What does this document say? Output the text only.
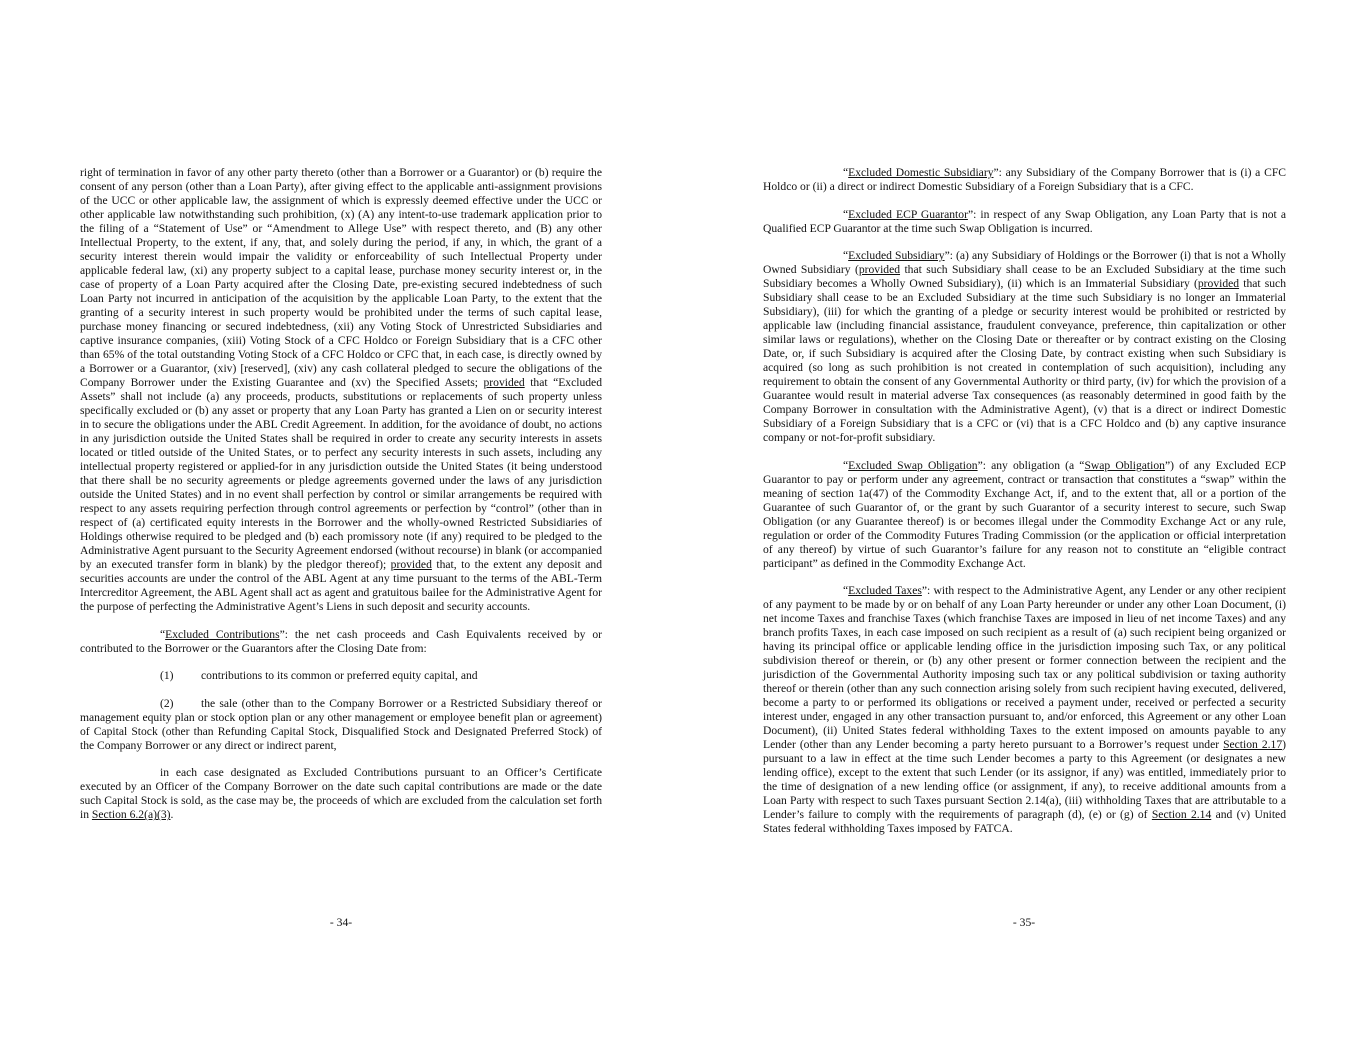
right of termination in favor of any other party thereto (other than a Borrower or a Guarantor) or (b) require the consent of any person (other than a Loan Party), after giving effect to the applicable anti-assignment provisions of the UCC or other applicable law, the assignment of which is expressly deemed effective under the UCC or other applicable law notwithstanding such prohibition, (x) (A) any intent-to-use trademark application prior to the filing of a “Statement of Use” or “Amendment to Allege Use” with respect thereto, and (B) any other Intellectual Property, to the extent, if any, that, and solely during the period, if any, in which, the grant of a security interest therein would impair the validity or enforceability of such Intellectual Property under applicable federal law, (xi) any property subject to a capital lease, purchase money security interest or, in the case of property of a Loan Party acquired after the Closing Date, pre-existing secured indebtedness of such Loan Party not incurred in anticipation of the acquisition by the applicable Loan Party, to the extent that the granting of a security interest in such property would be prohibited under the terms of such capital lease, purchase money financing or secured indebtedness, (xii) any Voting Stock of Unrestricted Subsidiaries and captive insurance companies, (xiii) Voting Stock of a CFC Holdco or Foreign Subsidiary that is a CFC other than 65% of the total outstanding Voting Stock of a CFC Holdco or CFC that, in each case, is directly owned by a Borrower or a Guarantor, (xiv) [reserved], (xiv) any cash collateral pledged to secure the obligations of the Company Borrower under the Existing Guarantee and (xv) the Specified Assets; provided that “Excluded Assets” shall not include (a) any proceeds, products, substitutions or replacements of such property unless specifically excluded or (b) any asset or property that any Loan Party has granted a Lien on or security interest in to secure the obligations under the ABL Credit Agreement. In addition, for the avoidance of doubt, no actions in any jurisdiction outside the United States shall be required in order to create any security interests in assets located or titled outside of the United States, or to perfect any security interests in such assets, including any intellectual property registered or applied-for in any jurisdiction outside the United States (it being understood that there shall be no security agreements or pledge agreements governed under the laws of any jurisdiction outside the United States) and in no event shall perfection by control or similar arrangements be required with respect to any assets requiring perfection through control agreements or perfection by “control” (other than in respect of (a) certificated equity interests in the Borrower and the wholly-owned Restricted Subsidiaries of Holdings otherwise required to be pledged and (b) each promissory note (if any) required to be pledged to the Administrative Agent pursuant to the Security Agreement endorsed (without recourse) in blank (or accompanied by an executed transfer form in blank) by the pledgor thereof); provided that, to the extent any deposit and securities accounts are under the control of the ABL Agent at any time pursuant to the terms of the ABL-Term Intercreditor Agreement, the ABL Agent shall act as agent and gratuitous bailee for the Administrative Agent for the purpose of perfecting the Administrative Agent’s Liens in such deposit and security accounts.

“Excluded Contributions”: the net cash proceeds and Cash Equivalents received by or contributed to the Borrower or the Guarantors after the Closing Date from:

(1) contributions to its common or preferred equity capital, and

(2) the sale (other than to the Company Borrower or a Restricted Subsidiary thereof or management equity plan or stock option plan or any other management or employee benefit plan or agreement) of Capital Stock (other than Refunding Capital Stock, Disqualified Stock and Designated Preferred Stock) of the Company Borrower or any direct or indirect parent,

in each case designated as Excluded Contributions pursuant to an Officer’s Certificate executed by an Officer of the Company Borrower on the date such capital contributions are made or the date such Capital Stock is sold, as the case may be, the proceeds of which are excluded from the calculation set forth in Section 6.2(a)(3).

- 34-

“Excluded Domestic Subsidiary”: any Subsidiary of the Company Borrower that is (i) a CFC Holdco or (ii) a direct or indirect Domestic Subsidiary of a Foreign Subsidiary that is a CFC.

“Excluded ECP Guarantor”: in respect of any Swap Obligation, any Loan Party that is not a Qualified ECP Guarantor at the time such Swap Obligation is incurred.

“Excluded Subsidiary”: (a) any Subsidiary of Holdings or the Borrower (i) that is not a Wholly Owned Subsidiary (provided that such Subsidiary shall cease to be an Excluded Subsidiary at the time such Subsidiary becomes a Wholly Owned Subsidiary), (ii) which is an Immaterial Subsidiary (provided that such Subsidiary shall cease to be an Excluded Subsidiary at the time such Subsidiary is no longer an Immaterial Subsidiary), (iii) for which the granting of a pledge or security interest would be prohibited or restricted by applicable law (including financial assistance, fraudulent conveyance, preference, thin capitalization or other similar laws or regulations), whether on the Closing Date or thereafter or by contract existing on the Closing Date, or, if such Subsidiary is acquired after the Closing Date, by contract existing when such Subsidiary is acquired (so long as such prohibition is not created in contemplation of such acquisition), including any requirement to obtain the consent of any Governmental Authority or third party, (iv) for which the provision of a Guarantee would result in material adverse Tax consequences (as reasonably determined in good faith by the Company Borrower in consultation with the Administrative Agent), (v) that is a direct or indirect Domestic Subsidiary of a Foreign Subsidiary that is a CFC or (vi) that is a CFC Holdco and (b) any captive insurance company or not-for-profit subsidiary.

“Excluded Swap Obligation”: any obligation (a “Swap Obligation”) of any Excluded ECP Guarantor to pay or perform under any agreement, contract or transaction that constitutes a “swap” within the meaning of section 1a(47) of the Commodity Exchange Act, if, and to the extent that, all or a portion of the Guarantee of such Guarantor of, or the grant by such Guarantor of a security interest to secure, such Swap Obligation (or any Guarantee thereof) is or becomes illegal under the Commodity Exchange Act or any rule, regulation or order of the Commodity Futures Trading Commission (or the application or official interpretation of any thereof) by virtue of such Guarantor’s failure for any reason not to constitute an “eligible contract participant” as defined in the Commodity Exchange Act.

“Excluded Taxes”: with respect to the Administrative Agent, any Lender or any other recipient of any payment to be made by or on behalf of any Loan Party hereunder or under any other Loan Document, (i) net income Taxes and franchise Taxes (which franchise Taxes are imposed in lieu of net income Taxes) and any branch profits Taxes, in each case imposed on such recipient as a result of (a) such recipient being organized or having its principal office or applicable lending office in the jurisdiction imposing such Tax, or any political subdivision thereof or therein, or (b) any other present or former connection between the recipient and the jurisdiction of the Governmental Authority imposing such tax or any political subdivision or taxing authority thereof or therein (other than any such connection arising solely from such recipient having executed, delivered, become a party to or performed its obligations or received a payment under, received or perfected a security interest under, engaged in any other transaction pursuant to, and/or enforced, this Agreement or any other Loan Document), (ii) United States federal withholding Taxes to the extent imposed on amounts payable to any Lender (other than any Lender becoming a party hereto pursuant to a Borrower’s request under Section 2.17) pursuant to a law in effect at the time such Lender becomes a party to this Agreement (or designates a new lending office), except to the extent that such Lender (or its assignor, if any) was entitled, immediately prior to the time of designation of a new lending office (or assignment, if any), to receive additional amounts from a Loan Party with respect to such Taxes pursuant Section 2.14(a), (iii) withholding Taxes that are attributable to a Lender’s failure to comply with the requirements of paragraph (d), (e) or (g) of Section 2.14 and (v) United States federal withholding Taxes imposed by FATCA.

- 35-
